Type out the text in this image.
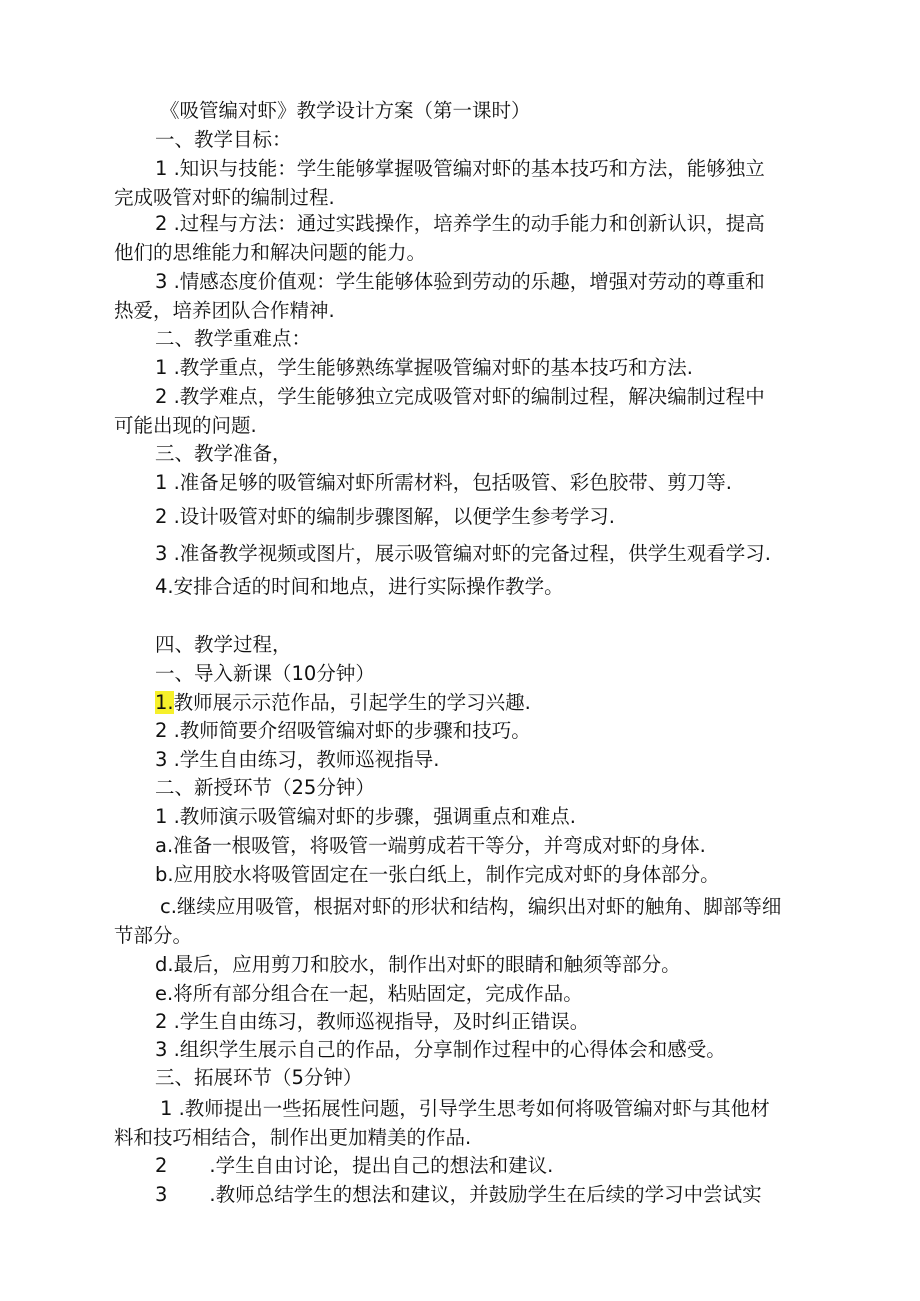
《吸管编对虾》教学设计方案（第一课时）
一、教学目标：
1 .知识与技能：学生能够掌握吸管编对虾的基本技巧和方法，能够独立
完成吸管对虾的编制过程.
2 .过程与方法：通过实践操作，培养学生的动手能力和创新认识，提高
他们的思维能力和解决问题的能力。
3 .情感态度价值观：学生能够体验到劳动的乐趣，增强对劳动的尊重和
热爱，培养团队合作精神.
二、教学重难点：
1 .教学重点，学生能够熟练掌握吸管编对虾的基本技巧和方法.
2 .教学难点，学生能够独立完成吸管对虾的编制过程，解决编制过程中
可能出现的问题.
三、教学准备，
1 .准备足够的吸管编对虾所需材料，包括吸管、彩色胶带、剪刀等.
2 .设计吸管对虾的编制步骤图解，以便学生参考学习.
3 .准备教学视频或图片，展示吸管编对虾的完备过程，供学生观看学习.
4.安排合适的时间和地点，进行实际操作教学。
四、教学过程，
一、导入新课（10分钟）
1.教师展示示范作品，引起学生的学习兴趣.
2 .教师简要介绍吸管编对虾的步骤和技巧。
3 .学生自由练习，教师巡视指导.
二、新授环节（25分钟）
1 .教师演示吸管编对虾的步骤，强调重点和难点.
a.准备一根吸管，将吸管一端剪成若干等分，并弯成对虾的身体.
b.应用胶水将吸管固定在一张白纸上，制作完成对虾的身体部分。
c.继续应用吸管，根据对虾的形状和结构，编织出对虾的触角、脚部等细
节部分。
d.最后，应用剪刀和胶水，制作出对虾的眼睛和触须等部分。
e.将所有部分组合在一起，粘贴固定，完成作品。
2 .学生自由练习，教师巡视指导，及时纠正错误。
3 .组织学生展示自己的作品，分享制作过程中的心得体会和感受。
三、拓展环节（5分钟）
1 .教师提出一些拓展性问题，引导学生思考如何将吸管编对虾与其他材
料和技巧相结合，制作出更加精美的作品.
2 .学生自由讨论，提出自己的想法和建议.
3 .教师总结学生的想法和建议，并鼓励学生在后续的学习中尝试实
